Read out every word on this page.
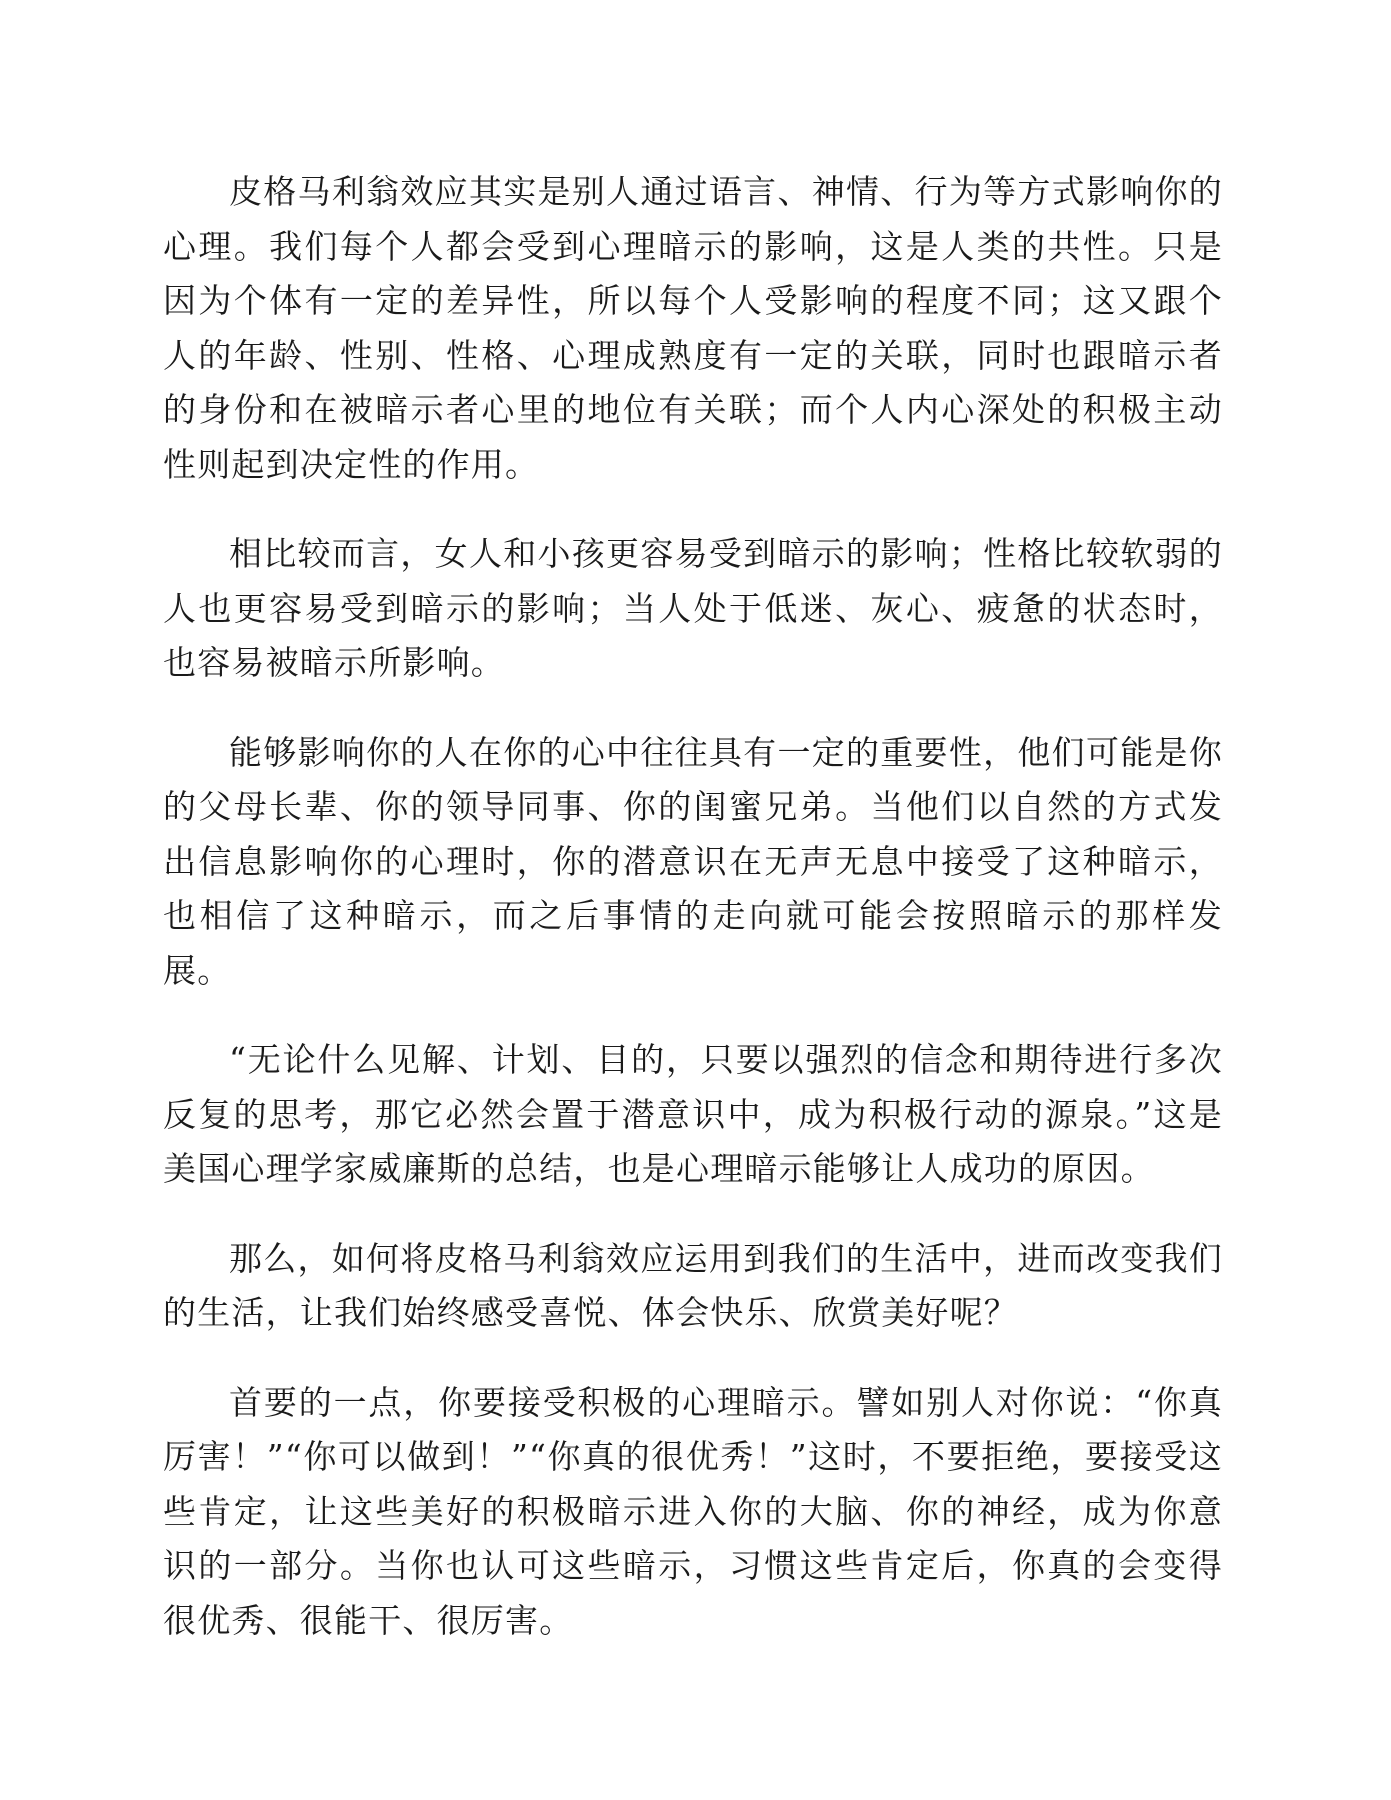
皮格马利翁效应其实是别人通过语言、神情、行为等方式影响你的心理。我们每个人都会受到心理暗示的影响，这是人类的共性。只是因为个体有一定的差异性，所以每个人受影响的程度不同；这又跟个人的年龄、性别、性格、心理成熟度有一定的关联，同时也跟暗示者的身份和在被暗示者心里的地位有关联；而个人内心深处的积极主动性则起到决定性的作用。

相比较而言，女人和小孩更容易受到暗示的影响；性格比较软弱的人也更容易受到暗示的影响；当人处于低迷、灰心、疲惫的状态时，也容易被暗示所影响。

能够影响你的人在你的心中往往具有一定的重要性，他们可能是你的父母长辈、你的领导同事、你的闺蜜兄弟。当他们以自然的方式发出信息影响你的心理时，你的潜意识在无声无息中接受了这种暗示，也相信了这种暗示，而之后事情的走向就可能会按照暗示的那样发展。

“无论什么见解、计划、目的，只要以强烈的信念和期待进行多次反复的思考，那它必然会置于潜意识中，成为积极行动的源泉。”这是美国心理学家威廉斯的总结，也是心理暗示能够让人成功的原因。

那么，如何将皮格马利翁效应运用到我们的生活中，进而改变我们的生活，让我们始终感受喜悦、体会快乐、欣赏美好呢？

首要的一点，你要接受积极的心理暗示。譬如别人对你说：“你真厉害！”“你可以做到！”“你真的很优秀！”这时，不要拒绝，要接受这些肯定，让这些美好的积极暗示进入你的大脑、你的神经，成为你意识的一部分。当你也认可这些暗示，习惯这些肯定后，你真的会变得很优秀、很能干、很厉害。
